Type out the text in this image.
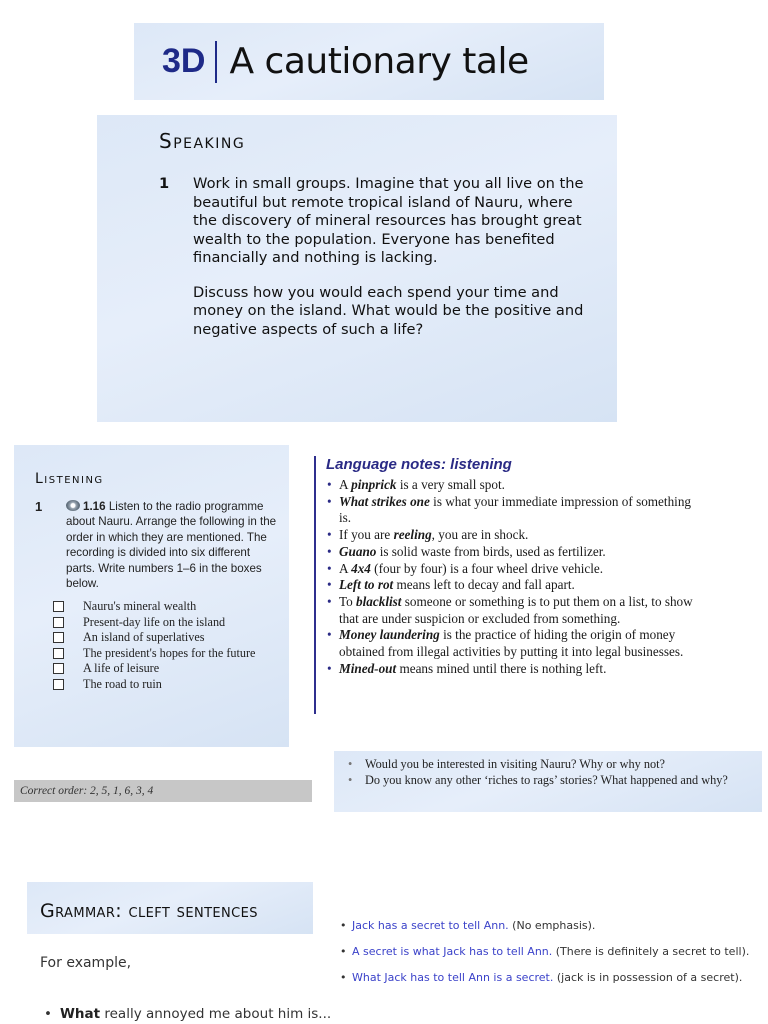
3D A cautionary tale
Speaking
1 Work in small groups. Imagine that you all live on the beautiful but remote tropical island of Nauru, where the discovery of mineral resources has brought great wealth to the population. Everyone has benefited financially and nothing is lacking.

Discuss how you would each spend your time and money on the island. What would be the positive and negative aspects of such a life?

Listening
1	1.16 Listen to the radio programme about Nauru. Arrange the following in the order in which they are mentioned. The recording is divided into six different parts. Write numbers 1–6 in the boxes below.
Nauru's mineral wealth
Present-day life on the island
An island of superlatives
The president's hopes for the future
A life of leisure
The road to ruin
Correct order: 2, 5, 1, 6, 3, 4
Language notes: listening
• A pinprick is a very small spot.
• What strikes one is what your immediate impression of something is.
• If you are reeling, you are in shock.
• Guano is solid waste from birds, used as fertilizer.
• A 4x4 (four by four) is a four wheel drive vehicle.
• Left to rot means left to decay and fall apart.
• To blacklist someone or something is to put them on a list, to show that are under suspicion or excluded from something.
• Money laundering is the practice of hiding the origin of money obtained from illegal activities by putting it into legal businesses.
• Mined-out means mined until there is nothing left.
• Would you be interested in visiting Nauru? Why or why not?
• Do you know any other ‘riches to rags’ stories? What happened and why?
Grammar: cleft sentences
For example,
• Jack has a secret to tell Ann. (No emphasis).
• A secret is what Jack has to tell Ann. (There is definitely a secret to tell).
• What Jack has to tell Ann is a secret. (jack is in possession of a secret).
• What really annoyed me about him is...
